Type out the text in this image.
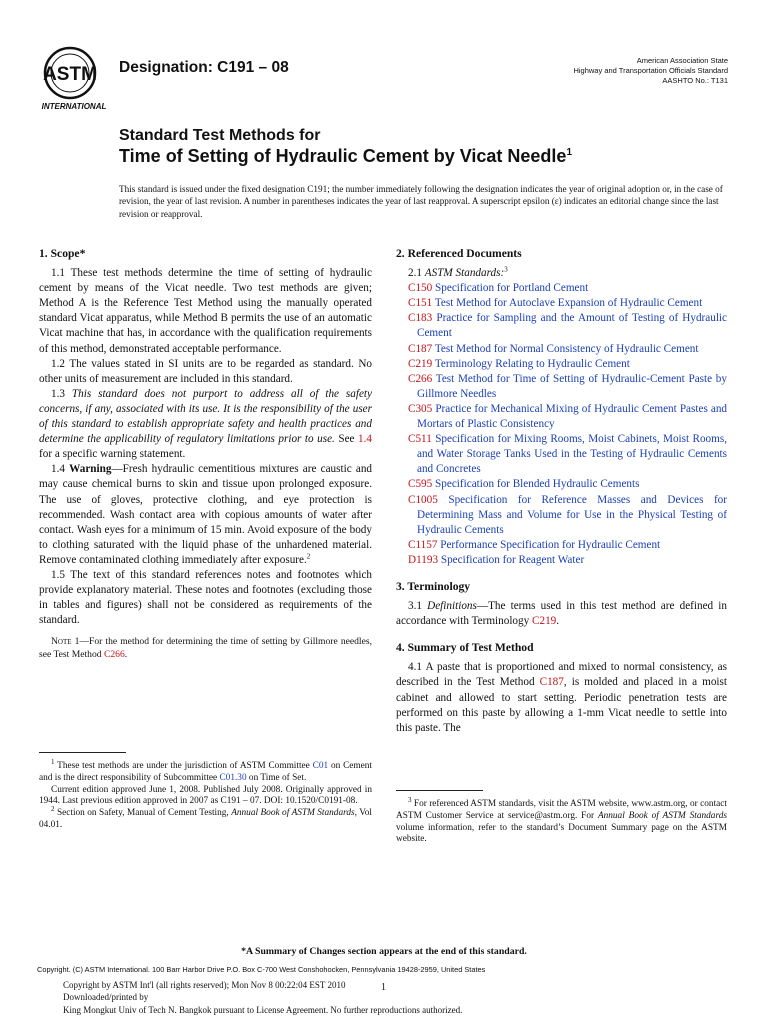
ASTM
INTERNATIONAL
Designation: C191 – 08	American Association State
Highway and Transportation Officials Standard
AASHTO No.: T131
Standard Test Methods for
Time of Setting of Hydraulic Cement by Vicat Needle$^1$
This standard is issued under the fixed designation C191; the number immediately following the designation indicates the year of original adoption or, in the case of revision, the year of last revision. A number in parentheses indicates the year of last reapproval. A superscript epsilon (ε) indicates an editorial change since the last revision or reapproval.
1. Scope*

1.1 These test methods determine the time of setting of hydraulic cement by means of the Vicat needle. Two test methods are given; Method A is the Reference Test Method using the manually operated standard Vicat apparatus, while Method B permits the use of an automatic Vicat machine that has, in accordance with the qualification requirements of this method, demonstrated acceptable performance.

1.2 The values stated in SI units are to be regarded as standard. No other units of measurement are included in this standard.

1.3 This standard does not purport to address all of the safety concerns, if any, associated with its use. It is the responsibility of the user of this standard to establish appropriate safety and health practices and determine the applicability of regulatory limitations prior to use. See 1.4 for a specific warning statement.

1.4 Warning—Fresh hydraulic cementitious mixtures are caustic and may cause chemical burns to skin and tissue upon prolonged exposure. The use of gloves, protective clothing, and eye protection is recommended. Wash contact area with copious amounts of water after contact. Wash eyes for a minimum of 15 min. Avoid exposure of the body to clothing saturated with the liquid phase of the unhardened material. Remove contaminated clothing immediately after exposure.$^2$

1.5 The text of this standard references notes and footnotes which provide explanatory material. These notes and footnotes (excluding those in tables and figures) shall not be considered as requirements of the standard.

Note 1—For the method for determining the time of setting by Gillmore needles, see Test Method C266.

$^1$ These test methods are under the jurisdiction of ASTM Committee C01 on Cement and is the direct responsibility of Subcommittee C01.30 on Time of Set.

Current edition approved June 1, 2008. Published July 2008. Originally approved in 1944. Last previous edition approved in 2007 as C191 – 07. DOI: 10.1520/C0191-08.

$^2$ Section on Safety, Manual of Cement Testing, Annual Book of ASTM Standards, Vol 04.01.

2. Referenced Documents

2.1 ASTM Standards:$^3$

C150 Specification for Portland Cement

C151 Test Method for Autoclave Expansion of Hydraulic Cement

C183 Practice for Sampling and the Amount of Testing of Hydraulic Cement

C187 Test Method for Normal Consistency of Hydraulic Cement

C219 Terminology Relating to Hydraulic Cement

C266 Test Method for Time of Setting of Hydraulic-Cement Paste by Gillmore Needles

C305 Practice for Mechanical Mixing of Hydraulic Cement Pastes and Mortars of Plastic Consistency

C511 Specification for Mixing Rooms, Moist Cabinets, Moist Rooms, and Water Storage Tanks Used in the Testing of Hydraulic Cements and Concretes

C595 Specification for Blended Hydraulic Cements

C1005 Specification for Reference Masses and Devices for Determining Mass and Volume for Use in the Physical Testing of Hydraulic Cements

C1157 Performance Specification for Hydraulic Cement

D1193 Specification for Reagent Water

3. Terminology

3.1 Definitions—The terms used in this test method are defined in accordance with Terminology C219.

4. Summary of Test Method

4.1 A paste that is proportioned and mixed to normal consistency, as described in the Test Method C187, is molded and placed in a moist cabinet and allowed to start setting. Periodic penetration tests are performed on this paste by allowing a 1-mm Vicat needle to settle into this paste. The

$^3$ For referenced ASTM standards, visit the ASTM website, www.astm.org, or contact ASTM Customer Service at service@astm.org. For Annual Book of ASTM Standards volume information, refer to the standard’s Document Summary page on the ASTM website.

*A Summary of Changes section appears at the end of this standard.
Copyright. (C) ASTM International. 100 Barr Harbor Drive P.O. Box C-700 West Conshohocken, Pennsylvania 19428-2959, United States
Copyright by ASTM Int'l (all rights reserved); Mon Nov 8 00:22:04 EST 2010
Downloaded/printed by
King Mongkut Univ of Tech N. Bangkok pursuant to License Agreement. No further reproductions authorized.
1
